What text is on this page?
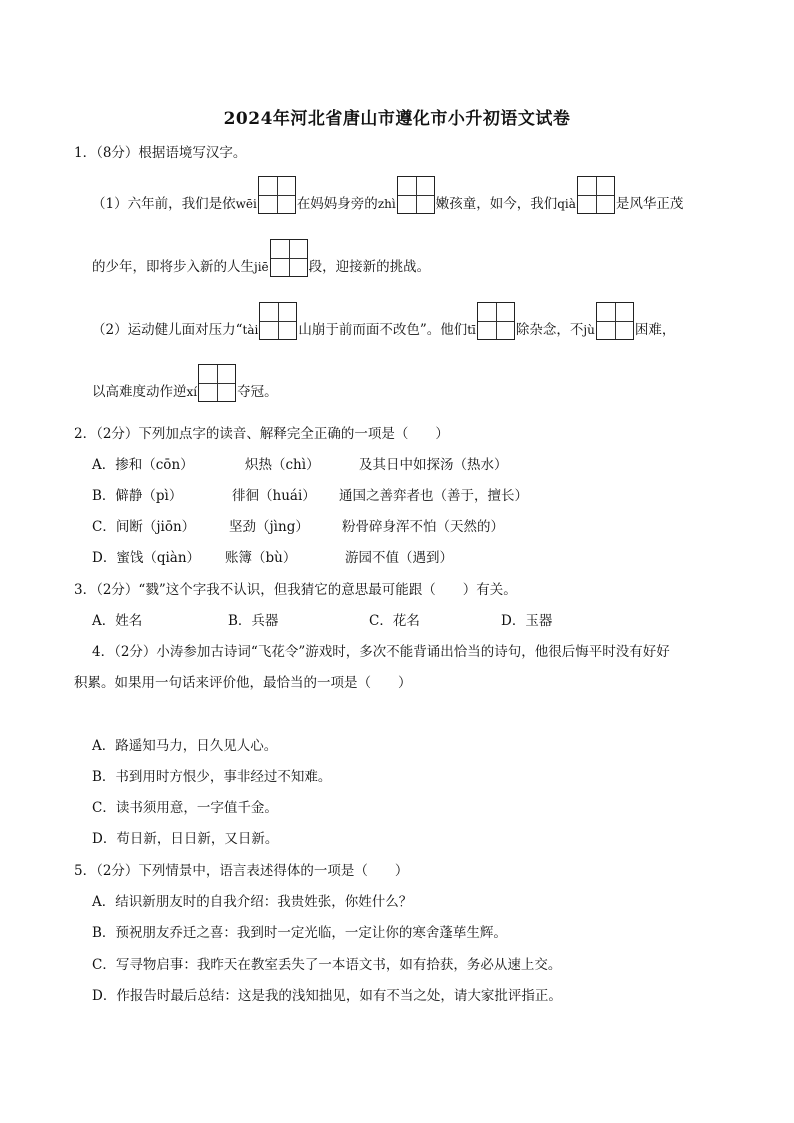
2024年河北省唐山市遵化市小升初语文试卷
1．（8分）根据语境写汉字。
（1）六年前，我们是依 wēi	在妈妈身旁的 zhì	嫩孩童，如今，我们 qià	是风华正茂
的少年，即将步入新的人生 jiē	段，迎接新的挑战。
（2）运动健儿面对压力“ tài	山崩于前而面不改色”。他们 tī	除杂念，不 jù	困难，
以高难度动作逆 xí	夺冠。
2．（2分）下列加点字的读音、解释完全正确的一项是（　　）
A．掺和（cōn）	炽热（chì）	及其日中如探汤（热水）
B．僻静（pì）	徘徊（huái） 通国之善弈者也（善于，擅长）
C．间断（jiōn）	坚劲（jìng） 粉骨碎身浑不怕（天然的）
D．蜜饯（qiàn） 账簿（bù）	游园不值（遇到）
3．（2分）“戮”这个字我不认识，但我猜它的意思最可能跟（　　）有关。
A．姓名	B．兵器	C．花名	D．玉器
4．（2分）小涛参加古诗词“飞花令”游戏时，多次不能背诵出恰当的诗句，他很后悔平时没有好好
积累。如果用一句话来评价他，最恰当的一项是（　　）
A．路遥知马力，日久见人心。
B．书到用时方恨少，事非经过不知难。
C．读书须用意，一字值千金。
D．苟日新，日日新，又日新。
5．（2分）下列情景中，语言表述得体的一项是（　　）
A．结识新朋友时的自我介绍：我贵姓张，你姓什么？
B．预祝朋友乔迁之喜：我到时一定光临，一定让你的寒舍蓬荜生辉。
C．写寻物启事：我昨天在教室丢失了一本语文书，如有拾获，务必从速上交。
D．作报告时最后总结：这是我的浅知拙见，如有不当之处，请大家批评指正。
